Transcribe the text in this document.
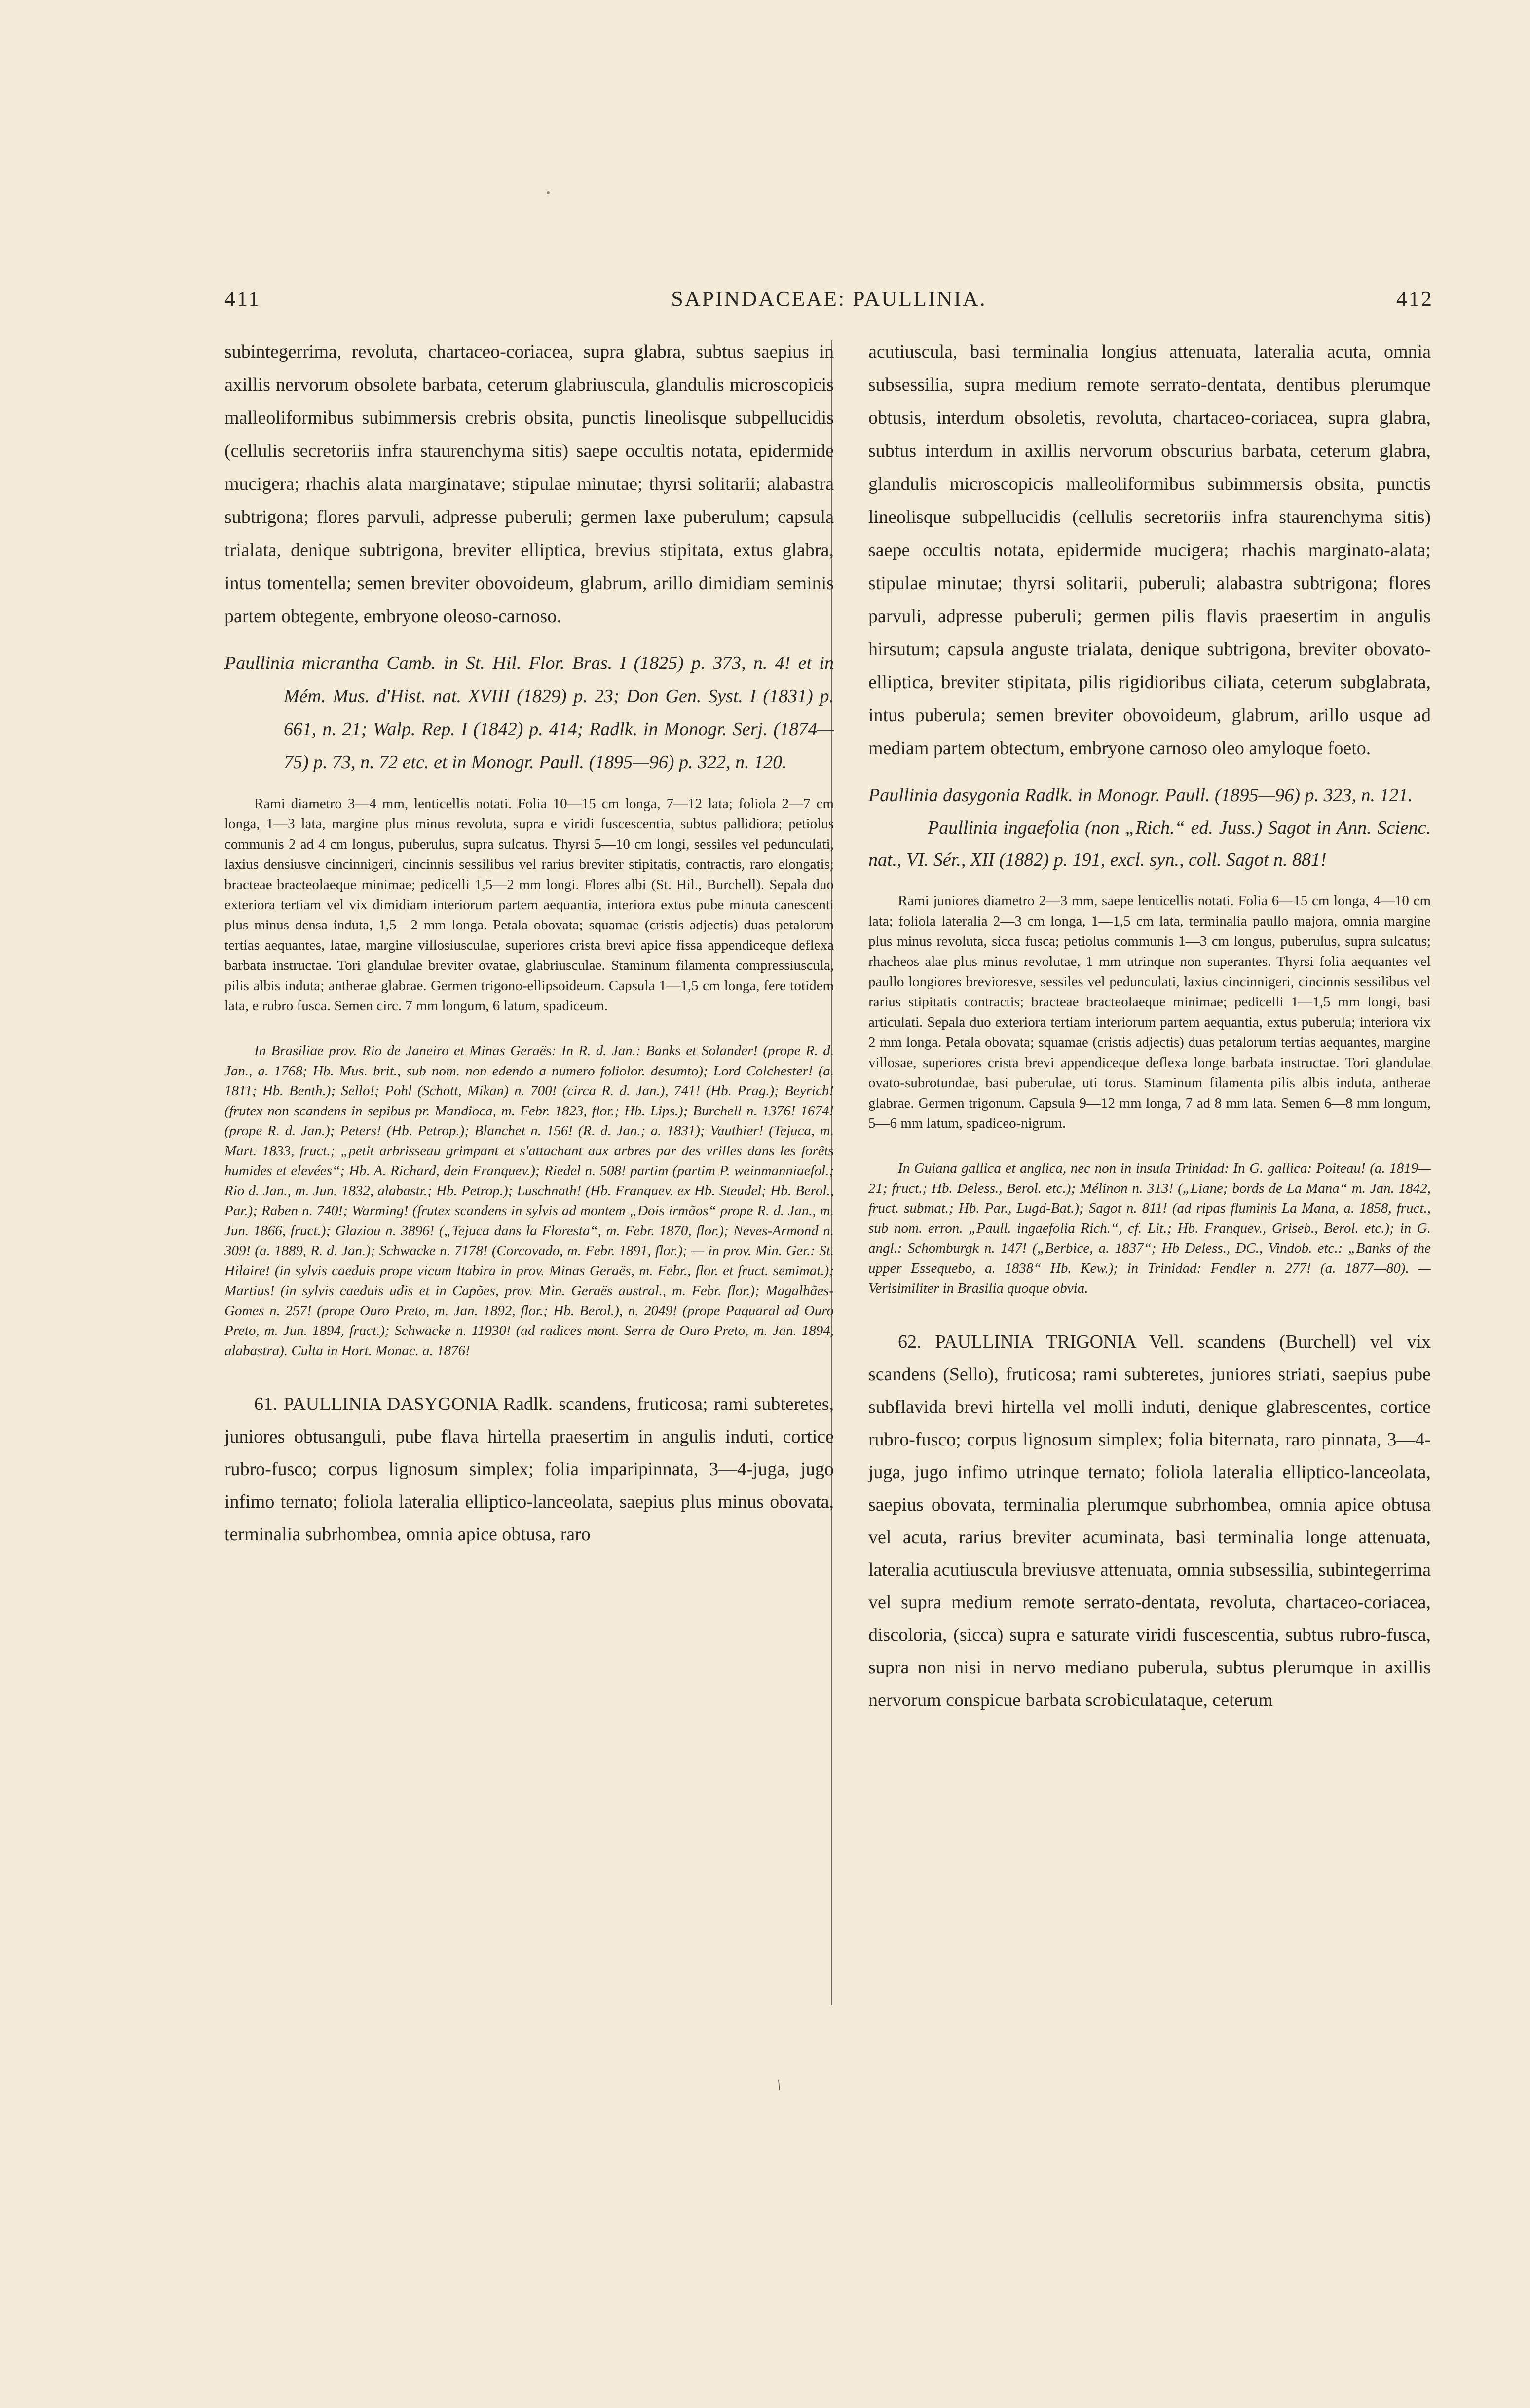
411	SAPINDACEAE: PAULLINIA.	412

subintegerrima, revoluta, chartaceo-coriacea, supra glabra, subtus saepius in axillis nervorum obsolete barbata, ceterum glabriuscula, glandulis microscopicis malleoliformibus subimmersis crebris obsita, punctis lineolisque subpellucidis (cellulis secretoriis infra staurenchyma sitis) saepe occultis notata, epidermide mucigera; rhachis alata marginatave; stipulae minutae; thyrsi solitarii; alabastra subtrigona; flores parvuli, adpresse puberuli; germen laxe puberulum; capsula trialata, denique subtrigona, breviter elliptica, brevius stipitata, extus glabra, intus tomentella; semen breviter obovoideum, glabrum, arillo dimidiam seminis partem obtegente, embryone oleoso-carnoso.

Paullinia micrantha Camb. in St. Hil. Flor. Bras. I (1825) p. 373, n. 4! et in Mém. Mus. d'Hist. nat. XVIII (1829) p. 23; Don Gen. Syst. I (1831) p. 661, n. 21; Walp. Rep. I (1842) p. 414; Radlk. in Monogr. Serj. (1874—75) p. 73, n. 72 etc. et in Monogr. Paull. (1895—96) p. 322, n. 120.

Rami diametro 3—4 mm, lenticellis notati. Folia 10—15 cm longa, 7—12 lata; foliola 2—7 cm longa, 1—3 lata, margine plus minus revoluta, supra e viridi fuscescentia, subtus pallidiora; petiolus communis 2 ad 4 cm longus, puberulus, supra sulcatus. Thyrsi 5—10 cm longi, sessiles vel pedunculati, laxius densiusve cincinnigeri, cincinnis sessilibus vel rarius breviter stipitatis, contractis, raro elongatis; bracteae bracteolaeque minimae; pedicelli 1,5—2 mm longi. Flores albi (St. Hil., Burchell). Sepala duo exteriora tertiam vel vix dimidiam interiorum partem aequantia, interiora extus pube minuta canescenti plus minus densa induta, 1,5—2 mm longa. Petala obovata; squamae (cristis adjectis) duas petalorum tertias aequantes, latae, margine villosiusculae, superiores crista brevi apice fissa appendiceque deflexa barbata instructae. Tori glandulae breviter ovatae, glabriusculae. Staminum filamenta compressiuscula, pilis albis induta; antherae glabrae. Germen trigono-ellipsoideum. Capsula 1—1,5 cm longa, fere totidem lata, e rubro fusca. Semen circ. 7 mm longum, 6 latum, spadiceum.

In Brasiliae prov. Rio de Janeiro et Minas Geraës: In R. d. Jan.: Banks et Solander! (prope R. d. Jan., a. 1768; Hb. Mus. brit., sub nom. non edendo a numero foliolor. desumto); Lord Colchester! (a. 1811; Hb. Benth.); Sello!; Pohl (Schott, Mikan) n. 700! (circa R. d. Jan.), 741! (Hb. Prag.); Beyrich! (frutex non scandens in sepibus pr. Mandioca, m. Febr. 1823, flor.; Hb. Lips.); Burchell n. 1376! 1674! (prope R. d. Jan.); Peters! (Hb. Petrop.); Blanchet n. 156! (R. d. Jan.; a. 1831); Vauthier! (Tejuca, m. Mart. 1833, fruct.; „petit arbrisseau grimpant et s'attachant aux arbres par des vrilles dans les forêts humides et elevées“; Hb. A. Richard, dein Franquev.); Riedel n. 508! partim (partim P. weinmanniaefol.; Rio d. Jan., m. Jun. 1832, alabastr.; Hb. Petrop.); Luschnath! (Hb. Franquev. ex Hb. Steudel; Hb. Berol., Par.); Raben n. 740!; Warming! (frutex scandens in sylvis ad montem „Dois irmãos“ prope R. d. Jan., m. Jun. 1866, fruct.); Glaziou n. 3896! („Tejuca dans la Floresta“, m. Febr. 1870, flor.); Neves-Armond n. 309! (a. 1889, R. d. Jan.); Schwacke n. 7178! (Corcovado, m. Febr. 1891, flor.); — in prov. Min. Ger.: St. Hilaire! (in sylvis caeduis prope vicum Itabira in prov. Minas Geraës, m. Febr., flor. et fruct. semimat.); Martius! (in sylvis caeduis udis et in Capões, prov. Min. Geraës austral., m. Febr. flor.); Magalhães-Gomes n. 257! (prope Ouro Preto, m. Jan. 1892, flor.; Hb. Berol.), n. 2049! (prope Paquaral ad Ouro Preto, m. Jun. 1894, fruct.); Schwacke n. 11930! (ad radices mont. Serra de Ouro Preto, m. Jan. 1894, alabastra). Culta in Hort. Monac. a. 1876!

61. PAULLINIA DASYGONIA Radlk. scandens, fruticosa; rami subteretes, juniores obtusanguli, pube flava hirtella praesertim in angulis induti, cortice rubro-fusco; corpus lignosum simplex; folia imparipinnata, 3—4-juga, jugo infimo ternato; foliola lateralia elliptico-lanceolata, saepius plus minus obovata, terminalia subrhombea, omnia apice obtusa, raro

acutiuscula, basi terminalia longius attenuata, lateralia acuta, omnia subsessilia, supra medium remote serrato-dentata, dentibus plerumque obtusis, interdum obsoletis, revoluta, chartaceo-coriacea, supra glabra, subtus interdum in axillis nervorum obscurius barbata, ceterum glabra, glandulis microscopicis malleoliformibus subimmersis obsita, punctis lineolisque subpellucidis (cellulis secretoriis infra staurenchyma sitis) saepe occultis notata, epidermide mucigera; rhachis marginato-alata; stipulae minutae; thyrsi solitarii, puberuli; alabastra subtrigona; flores parvuli, adpresse puberuli; germen pilis flavis praesertim in angulis hirsutum; capsula anguste trialata, denique subtrigona, breviter obovato-elliptica, breviter stipitata, pilis rigidioribus ciliata, ceterum subglabrata, intus puberula; semen breviter obovoideum, glabrum, arillo usque ad mediam partem obtectum, embryone carnoso oleo amyloque foeto.

Paullinia dasygonia Radlk. in Monogr. Paull. (1895—96) p. 323, n. 121.

Paullinia ingaefolia (non „Rich.“ ed. Juss.) Sagot in Ann. Scienc. nat., VI. Sér., XII (1882) p. 191, excl. syn., coll. Sagot n. 881!

Rami juniores diametro 2—3 mm, saepe lenticellis notati. Folia 6—15 cm longa, 4—10 cm lata; foliola lateralia 2—3 cm longa, 1—1,5 cm lata, terminalia paullo majora, omnia margine plus minus revoluta, sicca fusca; petiolus communis 1—3 cm longus, puberulus, supra sulcatus; rhacheos alae plus minus revolutae, 1 mm utrinque non superantes. Thyrsi folia aequantes vel paullo longiores brevioresve, sessiles vel pedunculati, laxius cincinnigeri, cincinnis sessilibus vel rarius stipitatis contractis; bracteae bracteolaeque minimae; pedicelli 1—1,5 mm longi, basi articulati. Sepala duo exteriora tertiam interiorum partem aequantia, extus puberula; interiora vix 2 mm longa. Petala obovata; squamae (cristis adjectis) duas petalorum tertias aequantes, margine villosae, superiores crista brevi appendiceque deflexa longe barbata instructae. Tori glandulae ovato-subrotundae, basi puberulae, uti torus. Staminum filamenta pilis albis induta, antherae glabrae. Germen trigonum. Capsula 9—12 mm longa, 7 ad 8 mm lata. Semen 6—8 mm longum, 5—6 mm latum, spadiceo-nigrum.

In Guiana gallica et anglica, nec non in insula Trinidad: In G. gallica: Poiteau! (a. 1819—21; fruct.; Hb. Deless., Berol. etc.); Mélinon n. 313! („Liane; bords de La Mana“ m. Jan. 1842, fruct. submat.; Hb. Par., Lugd-Bat.); Sagot n. 811! (ad ripas fluminis La Mana, a. 1858, fruct., sub nom. erron. „Paull. ingaefolia Rich.“, cf. Lit.; Hb. Franquev., Griseb., Berol. etc.); in G. angl.: Schomburgk n. 147! („Berbice, a. 1837“; Hb Deless., DC., Vindob. etc.: „Banks of the upper Essequebo, a. 1838“ Hb. Kew.); in Trinidad: Fendler n. 277! (a. 1877—80). — Verisimiliter in Brasilia quoque obvia.

62. PAULLINIA TRIGONIA Vell. scandens (Burchell) vel vix scandens (Sello), fruticosa; rami subteretes, juniores striati, saepius pube subflavida brevi hirtella vel molli induti, denique glabrescentes, cortice rubro-fusco; corpus lignosum simplex; folia biternata, raro pinnata, 3—4-juga, jugo infimo utrinque ternato; foliola lateralia elliptico-lanceolata, saepius obovata, terminalia plerumque subrhombea, omnia apice obtusa vel acuta, rarius breviter acuminata, basi terminalia longe attenuata, lateralia acutiuscula breviusve attenuata, omnia subsessilia, subintegerrima vel supra medium remote serrato-dentata, revoluta, chartaceo-coriacea, discoloria, (sicca) supra e saturate viridi fuscescentia, subtus rubro-fusca, supra non nisi in nervo mediano puberula, subtus plerumque in axillis nervorum conspicue barbata scrobiculataque, ceterum

/
